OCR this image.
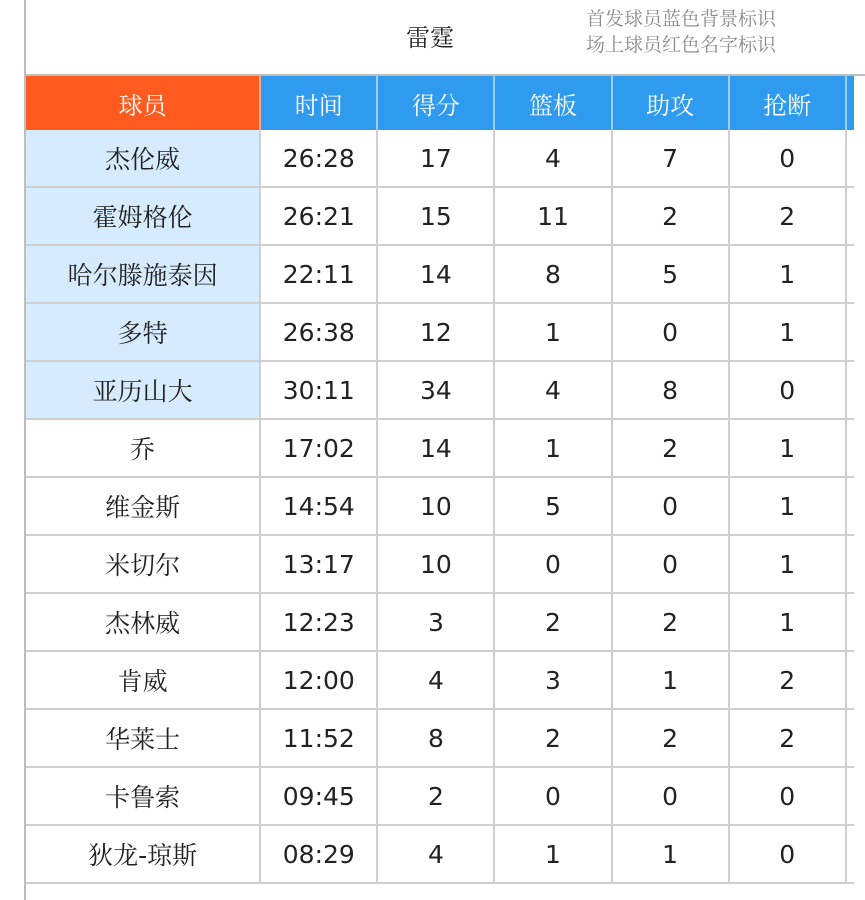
雷霆
首发球员蓝色背景标识
场上球员红色名字标识
球员	时间	得分	篮板	助攻	抢断	
杰伦威	26:28	17	4	7	0	
霍姆格伦	26:21	15	11	2	2	
哈尔滕施泰因	22:11	14	8	5	1	
多特	26:38	12	1	0	1	
亚历山大	30:11	34	4	8	0	
乔	17:02	14	1	2	1	
维金斯	14:54	10	5	0	1	
米切尔	13:17	10	0	0	1	
杰林威	12:23	3	2	2	1	
肯威	12:00	4	3	1	2	
华莱士	11:52	8	2	2	2	
卡鲁索	09:45	2	0	0	0	
狄龙-琼斯	08:29	4	1	1	0	
